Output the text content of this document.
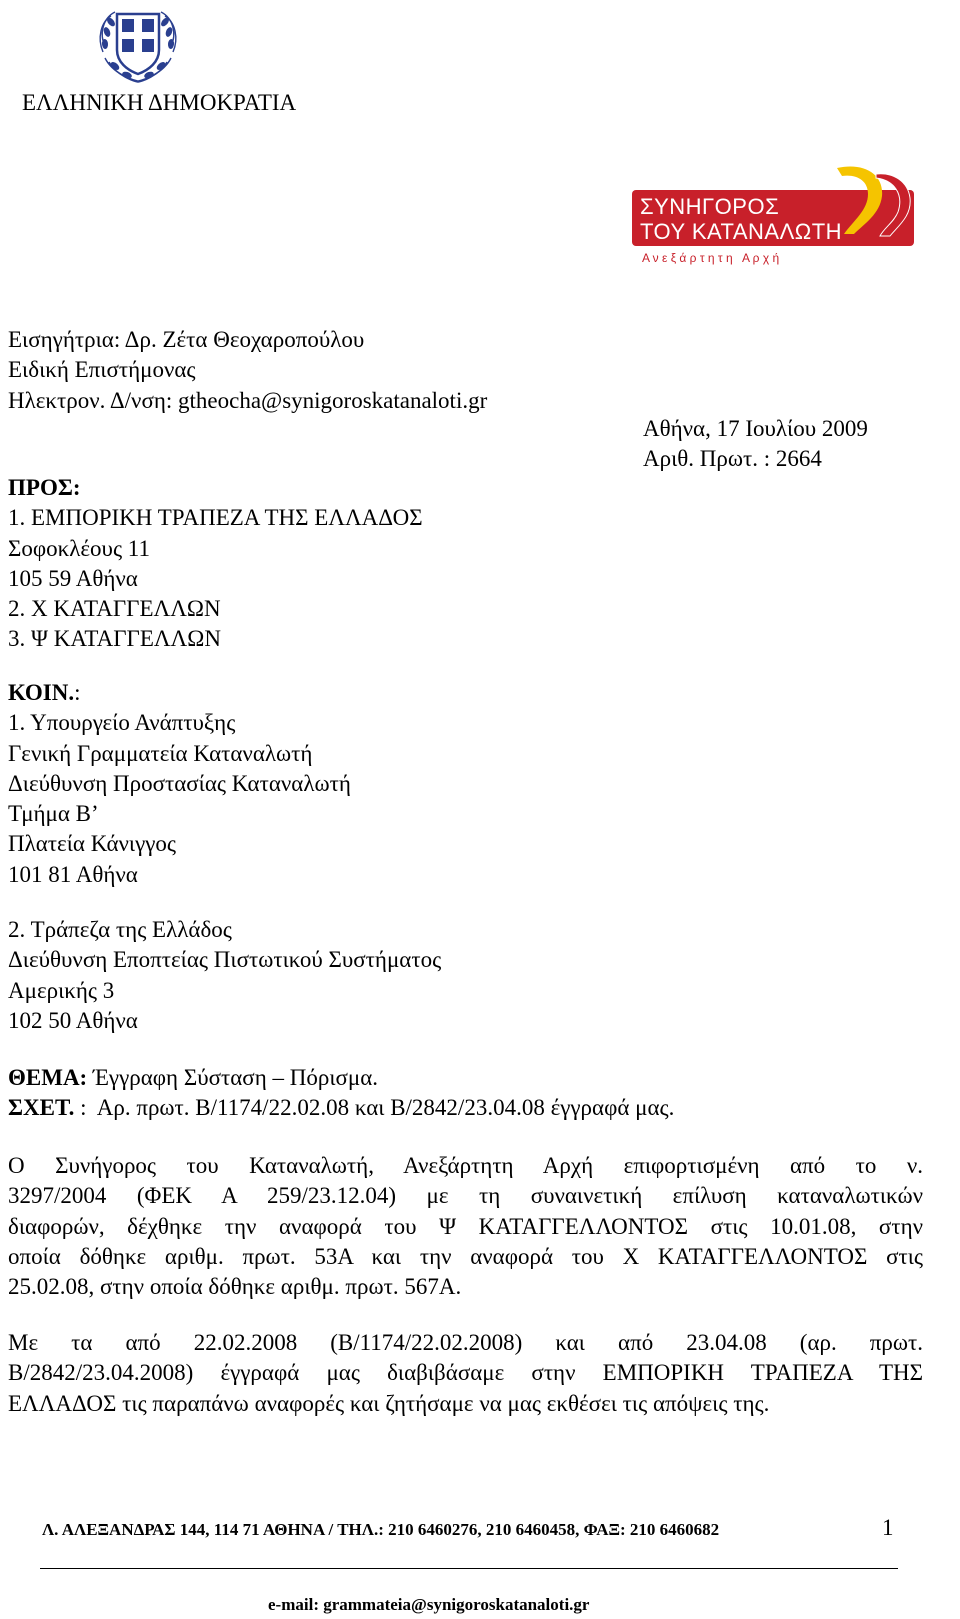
ΕΛΛΗΝΙΚΗ ΔΗΜΟΚΡΑΤΙΑ
ΣΥΝΗΓΟΡΟΣ
ΤΟΥ ΚΑΤΑΝΑΛΩΤΗ
Α ν ε ξ ά ρ τ η τ η   Α ρ χ ή
Εισηγήτρια: Δρ. Ζέτα Θεοχαροπούλου
Ειδική Επιστήμονας
Ηλεκτρον. Δ/νση: gtheocha@synigoroskatanaloti.gr
Αθήνα, 17 Ιουλίου 2009
Αριθ. Πρωτ. : 2664
ΠΡΟΣ:
1. ΕΜΠΟΡΙΚΗ ΤΡΑΠΕΖΑ ΤΗΣ ΕΛΛΑΔΟΣ
Σοφοκλέους 11
105 59 Αθήνα
2. Χ ΚΑΤΑΓΓΕΛΛΩΝ
3. Ψ ΚΑΤΑΓΓΕΛΛΩΝ
ΚΟΙΝ.:
1. Υπουργείο Ανάπτυξης
Γενική Γραμματεία Καταναλωτή
Διεύθυνση Προστασίας Καταναλωτή
Τμήμα Β’
Πλατεία Κάνιγγος
101 81 Αθήνα
2. Τράπεζα της Ελλάδος
Διεύθυνση Εποπτείας Πιστωτικού Συστήματος
Αμερικής 3
102 50 Αθήνα
ΘΕΜΑ: Έγγραφη Σύσταση – Πόρισμα.
ΣΧΕΤ. :  Αρ. πρωτ. Β/1174/22.02.08 και Β/2842/23.04.08 έγγραφά μας.
Ο Συνήγορος του Καταναλωτή, Ανεξάρτητη Αρχή επιφορτισμένη από το ν.
3297/2004 (ΦΕΚ Α 259/23.12.04) με τη συναινετική επίλυση καταναλωτικών
διαφορών, δέχθηκε την αναφορά του Ψ ΚΑΤΑΓΓΕΛΛΟΝΤΟΣ στις 10.01.08, στην
οποία δόθηκε αριθμ. πρωτ. 53Α και την αναφορά του Χ ΚΑΤΑΓΓΕΛΛΟΝΤΟΣ στις
25.02.08, στην οποία δόθηκε αριθμ. πρωτ. 567Α.
Με τα από 22.02.2008 (Β/1174/22.02.2008) και από 23.04.08 (αρ. πρωτ.
Β/2842/23.04.2008) έγγραφά μας διαβιβάσαμε στην ΕΜΠΟΡΙΚΗ ΤΡΑΠΕΖΑ ΤΗΣ
ΕΛΛΑΔΟΣ τις παραπάνω αναφορές και ζητήσαμε να μας εκθέσει τις απόψεις της.
Λ. ΑΛΕΞΑΝΔΡΑΣ 144, 114 71 ΑΘΗΝΑ / ΤΗΛ.: 210 6460276, 210 6460458, ΦΑΞ: 210 6460682
e-mail: grammateia@synigoroskatanaloti.gr
1
